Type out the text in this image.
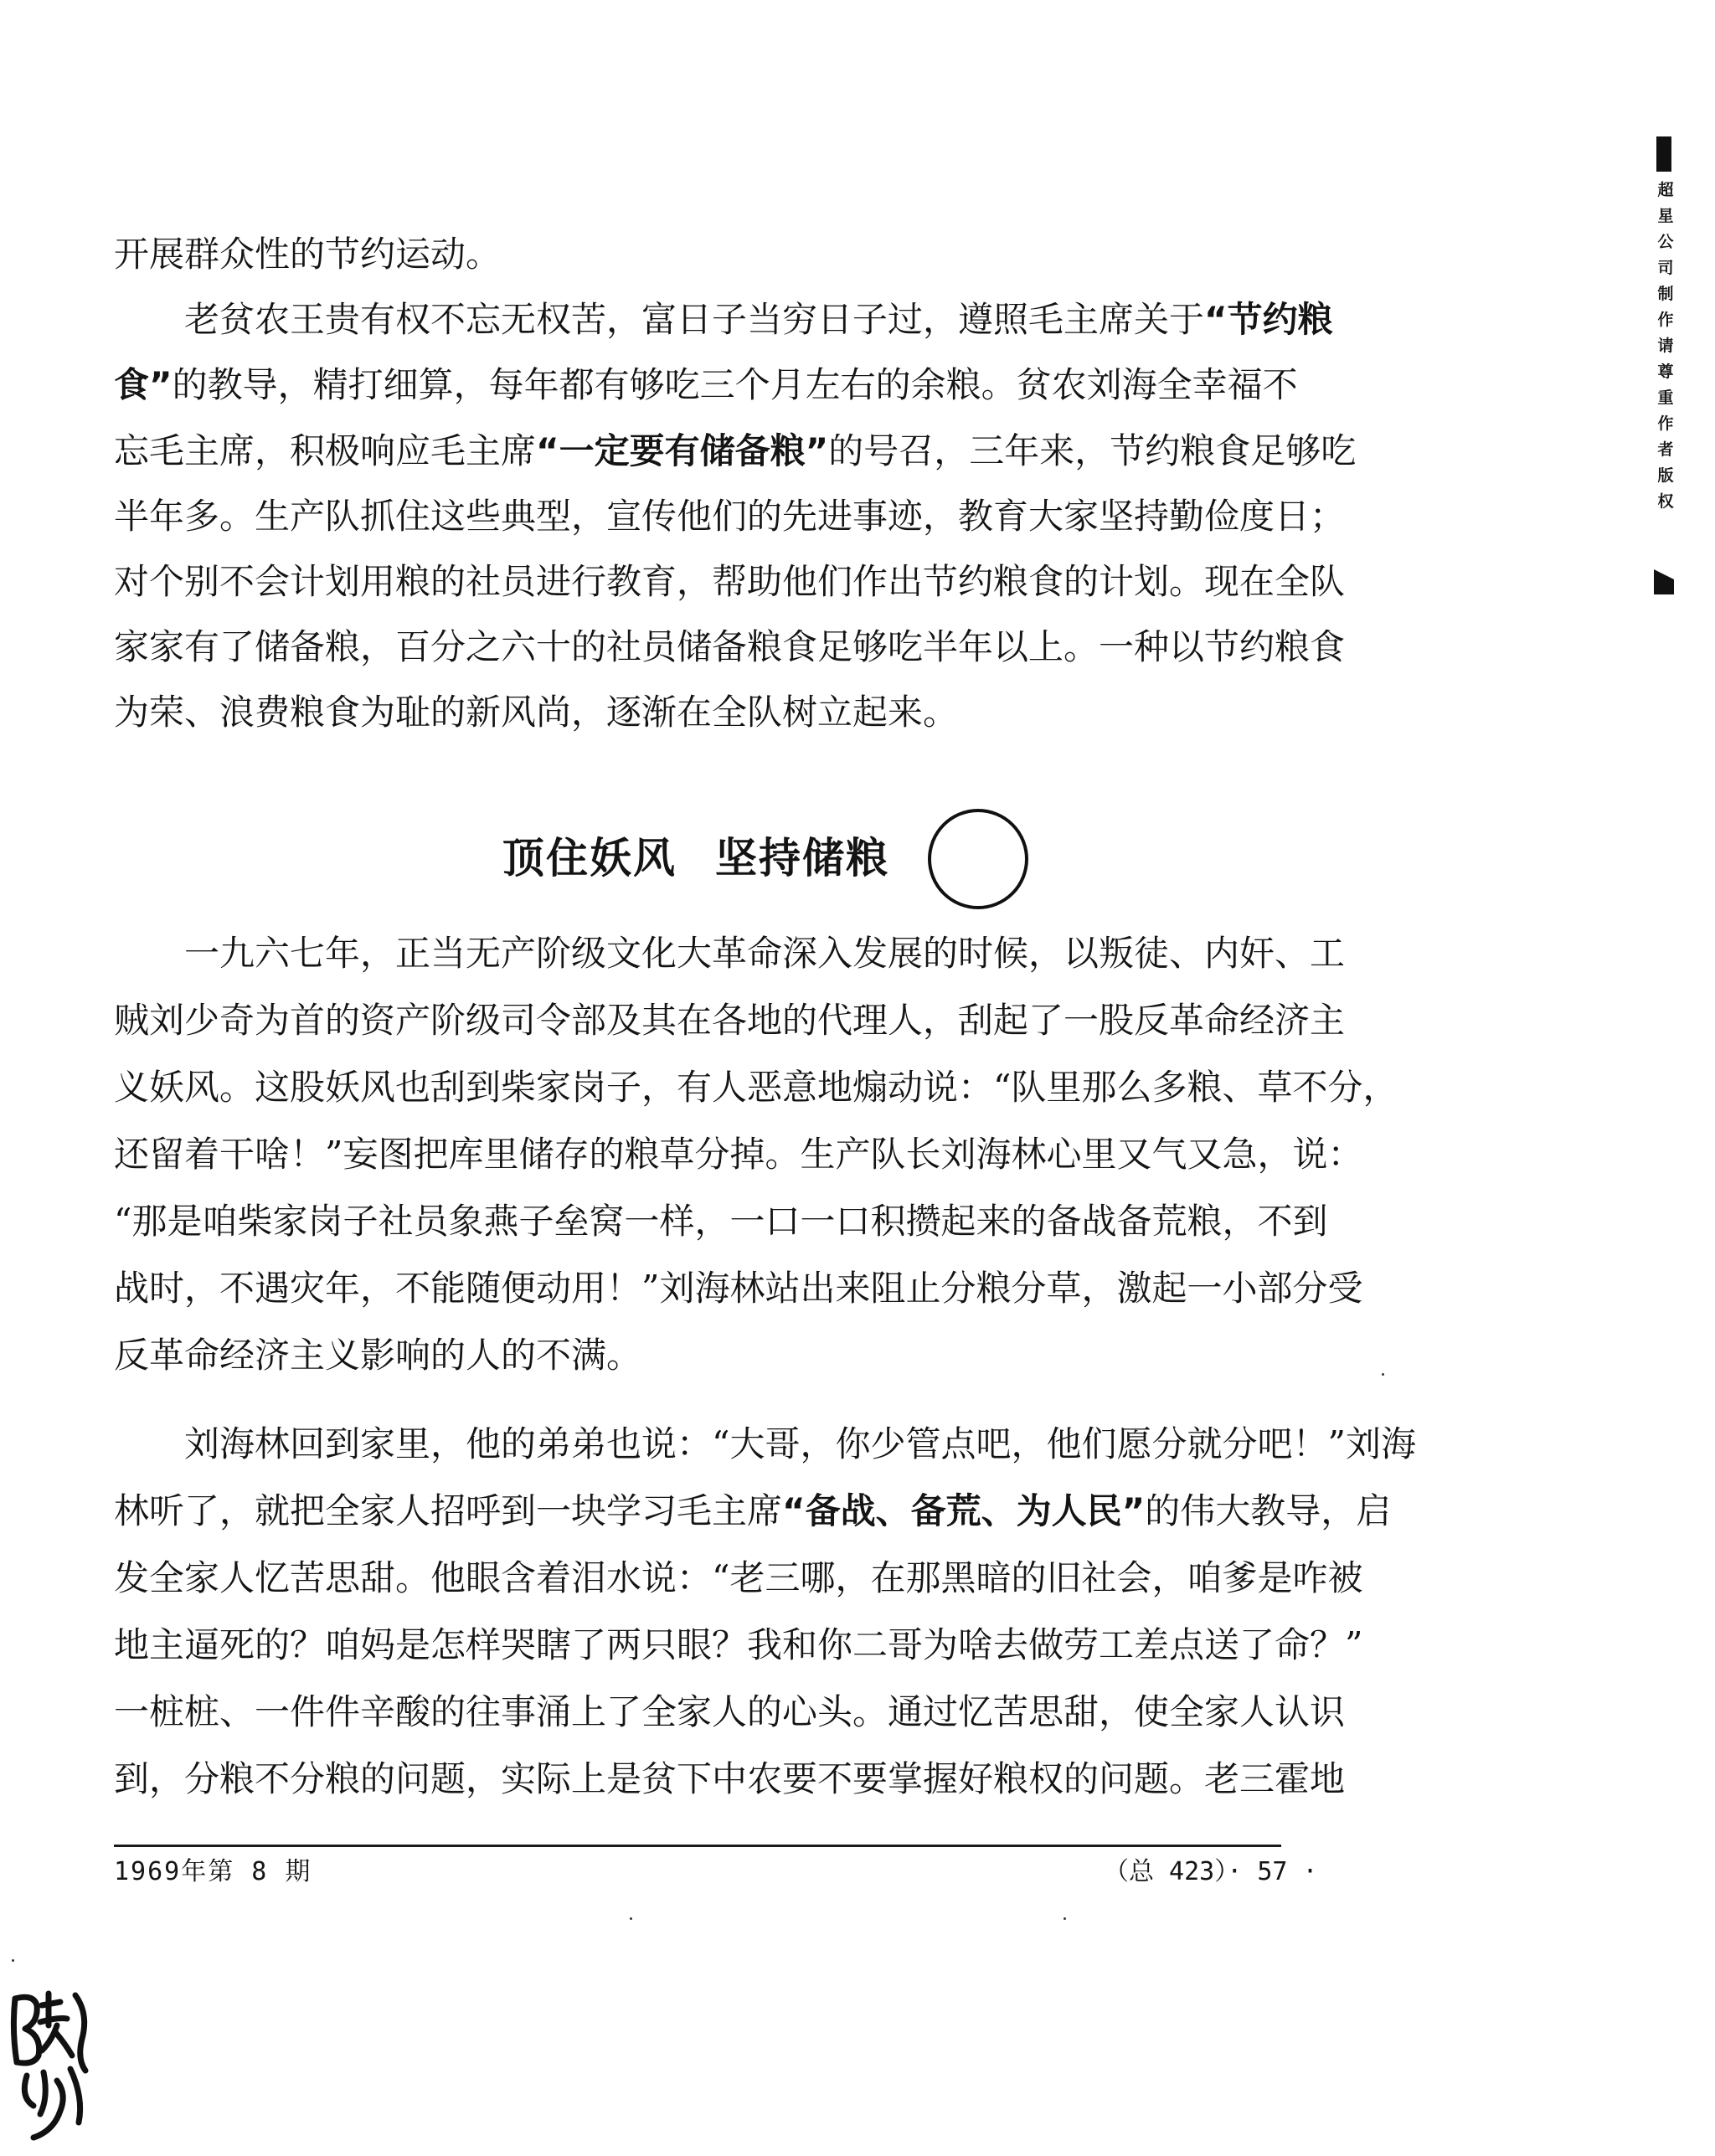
开展群众性的节约运动。
　　老贫农王贵有权不忘无权苦，富日子当穷日子过，遵照毛主席关于“节约粮
食”的教导，精打细算，每年都有够吃三个月左右的余粮。贫农刘海全幸福不
忘毛主席，积极响应毛主席“一定要有储备粮”的号召，三年来，节约粮食足够吃
半年多。生产队抓住这些典型，宣传他们的先进事迹，教育大家坚持勤俭度日；
对个别不会计划用粮的社员进行教育，帮助他们作出节约粮食的计划。现在全队
家家有了储备粮，百分之六十的社员储备粮食足够吃半年以上。一种以节约粮食
为荣、浪费粮食为耻的新风尚，逐渐在全队树立起来。
顶住妖风 坚持储粮
　　一九六七年，正当无产阶级文化大革命深入发展的时候，以叛徒、内奸、工
贼刘少奇为首的资产阶级司令部及其在各地的代理人，刮起了一股反革命经济主
义妖风。这股妖风也刮到柴家岗子，有人恶意地煽动说：“队里那么多粮、草不分，
还留着干啥！”妄图把库里储存的粮草分掉。生产队长刘海林心里又气又急，说：
“那是咱柴家岗子社员象燕子垒窝一样，一口一口积攒起来的备战备荒粮，不到
战时，不遇灾年，不能随便动用！”刘海林站出来阻止分粮分草，激起一小部分受
反革命经济主义影响的人的不满。
　　刘海林回到家里，他的弟弟也说：“大哥，你少管点吧，他们愿分就分吧！”刘海
林听了，就把全家人招呼到一块学习毛主席“备战、备荒、为人民”的伟大教导，启
发全家人忆苦思甜。他眼含着泪水说：“老三哪，在那黑暗的旧社会，咱爹是咋被
地主逼死的？咱妈是怎样哭瞎了两只眼？我和你二哥为啥去做劳工差点送了命？”
一桩桩、一件件辛酸的往事涌上了全家人的心头。通过忆苦思甜，使全家人认识
到，分粮不分粮的问题，实际上是贫下中农要不要掌握好粮权的问题。老三霍地
1969年第 8 期	（总 423）· 57 ·
超
星
公
司
制
作
请
尊
重
作
者
版
权
